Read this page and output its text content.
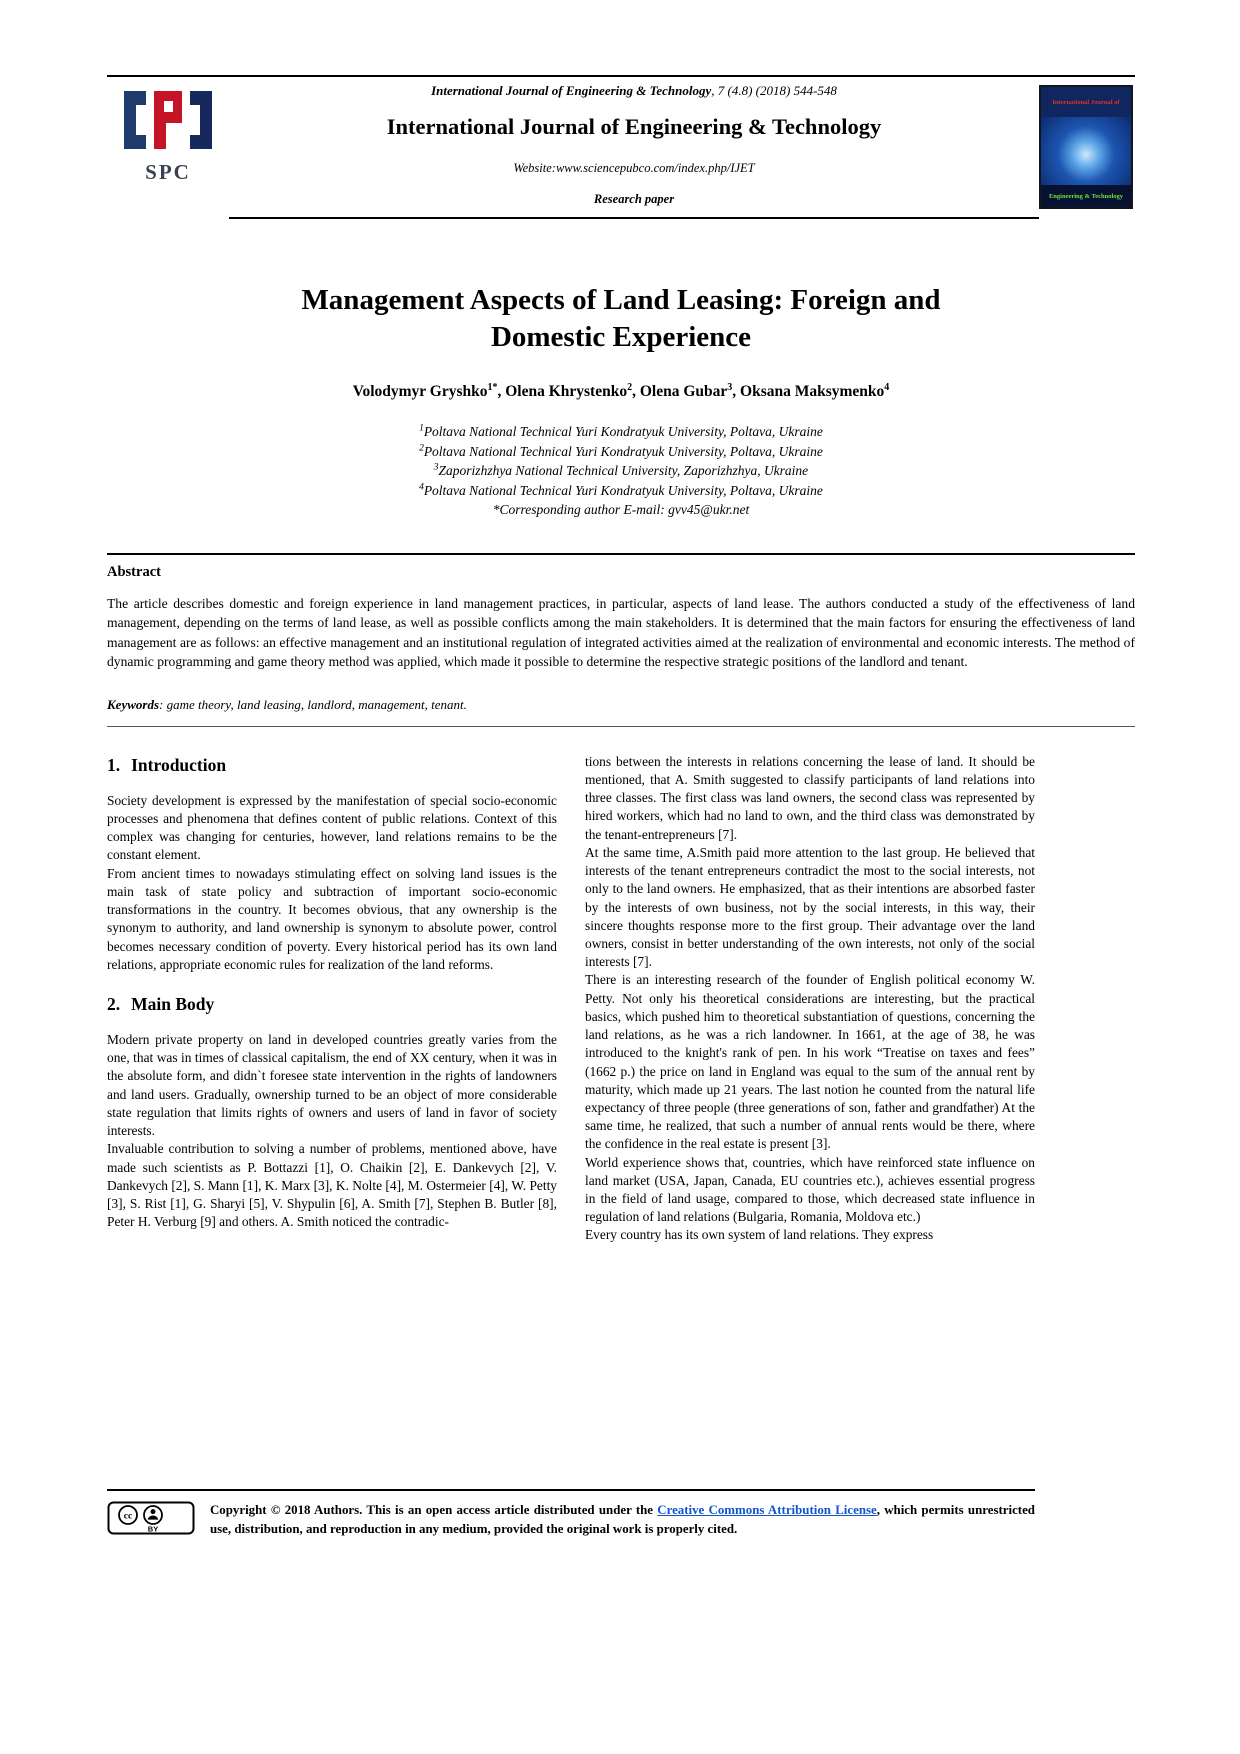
SPC
International Journal of Engineering & Technology, 7 (4.8) (2018) 544-548
International Journal of Engineering & Technology
Website:www.sciencepubco.com/index.php/IJET
Research paper
International Journal of
Engineering & Technology
Management Aspects of Land Leasing: Foreign and Domestic Experience
Volodymyr Gryshko$^{1*}$, Olena Khrystenko$^2$, Olena Gubar$^3$, Oksana Maksymenko$^4$
$^1$Poltava National Technical Yuri Kondratyuk University, Poltava, Ukraine
$^2$Poltava National Technical Yuri Kondratyuk University, Poltava, Ukraine
$^3$Zaporizhzhya National Technical University, Zaporizhzhya, Ukraine
$^4$Poltava National Technical Yuri Kondratyuk University, Poltava, Ukraine
*Corresponding author E-mail: gvv45@ukr.net
Abstract
The article describes domestic and foreign experience in land management practices, in particular, aspects of land lease. The authors conducted a study of the effectiveness of land management, depending on the terms of land lease, as well as possible conflicts among the main stakeholders. It is determined that the main factors for ensuring the effectiveness of land management are as follows: an effective management and an institutional regulation of integrated activities aimed at the realization of environmental and economic interests. The method of dynamic programming and game theory method was applied, which made it possible to determine the respective strategic positions of the landlord and tenant.
Keywords: game theory, land leasing, landlord, management, tenant.
1. Introduction

Society development is expressed by the manifestation of special socio-economic processes and phenomena that defines content of public relations. Context of this complex was changing for centuries, however, land relations remains to be the constant element.

From ancient times to nowadays stimulating effect on solving land issues is the main task of state policy and subtraction of important socio-economic transformations in the country. It becomes obvious, that any ownership is the synonym to authority, and land ownership is synonym to absolute power, control becomes necessary condition of poverty. Every historical period has its own land relations, appropriate economic rules for realization of the land reforms.

2. Main Body

Modern private property on land in developed countries greatly varies from the one, that was in times of classical capitalism, the end of XX century, when it was in the absolute form, and didn`t foresee state intervention in the rights of landowners and land users. Gradually, ownership turned to be an object of more considerable state regulation that limits rights of owners and users of land in favor of society interests.

Invaluable contribution to solving a number of problems, mentioned above, have made such scientists as P. Bottazzi [1], O. Chaikin [2], E. Dankevych [2], V. Dankevych [2], S. Mann [1], K. Marx [3], K. Nolte [4], M. Ostermeier [4], W. Petty [3], S. Rist [1], G. Sharyi [5], V. Shypulin [6], A. Smith [7], Stephen B. Butler [8], Peter H. Verburg [9] and others. A. Smith noticed the contradic-

tions between the interests in relations concerning the lease of land. It should be mentioned, that A. Smith suggested to classify participants of land relations into three classes. The first class was land owners, the second class was represented by hired workers, which had no land to own, and the third class was demonstrated by the tenant-entrepreneurs [7].

At the same time, A.Smith paid more attention to the last group. He believed that interests of the tenant entrepreneurs contradict the most to the social interests, not only to the land owners. He emphasized, that as their intentions are absorbed faster by the interests of own business, not by the social interests, in this way, their sincere thoughts response more to the first group. Their advantage over the land owners, consist in better understanding of the own interests, not only of the social interests [7].

There is an interesting research of the founder of English political economy W. Petty. Not only his theoretical considerations are interesting, but the practical basics, which pushed him to theoretical substantiation of questions, concerning the land relations, as he was a rich landowner. In 1661, at the age of 38, he was introduced to the knight's rank of pen. In his work “Treatise on taxes and fees” (1662 p.) the price on land in England was equal to the sum of the annual rent by maturity, which made up 21 years. The last notion he counted from the natural life expectancy of three people (three generations of son, father and grandfather) At the same time, he realized, that such a number of annual rents would be there, where the confidence in the real estate is present [3].

World experience shows that, countries, which have reinforced state influence on land market (USA, Japan, Canada, EU countries etc.), achieves essential progress in the field of land usage, compared to those, which decreased state influence in regulation of land relations (Bulgaria, Romania, Moldova etc.)

Every country has its own system of land relations. They express

cc
BY
Copyright © 2018 Authors. This is an open access article distributed under the Creative Commons Attribution License, which permits unrestricted use, distribution, and reproduction in any medium, provided the original work is properly cited.
